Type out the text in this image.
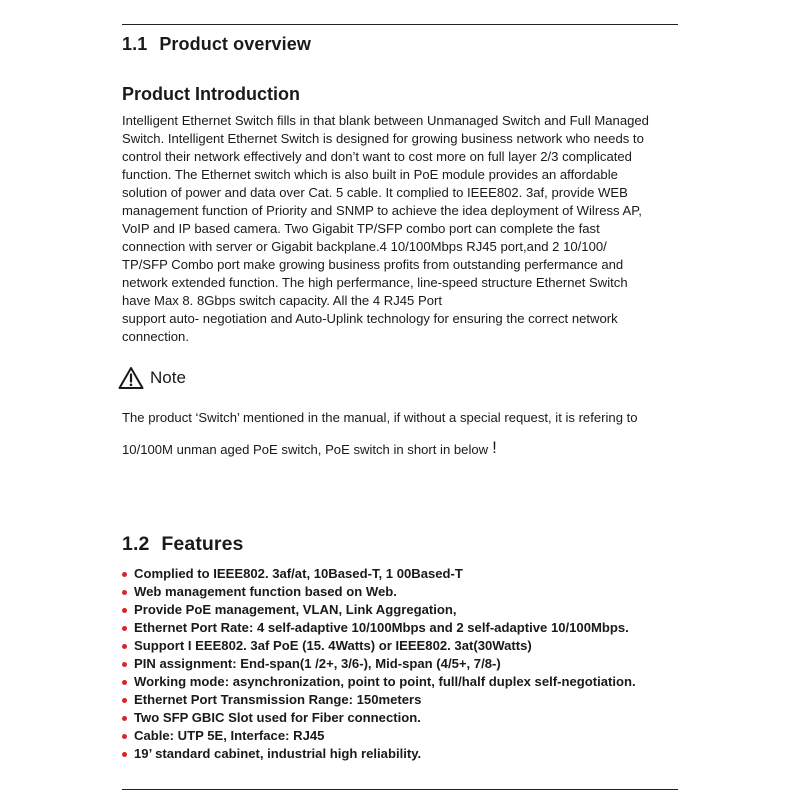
1.1 Product overview
Product Introduction
Intelligent Ethernet Switch fills in that blank between Unmanaged Switch and Full Managed
Switch. Intelligent Ethernet Switch is designed for growing business network who needs to
control their network effectively and don’t want to cost more on full layer 2/3 complicated
function. The Ethernet switch which is also built in PoE module provides an affordable
solution of power and data over Cat. 5 cable. It complied to IEEE802. 3af, provide WEB
management function of Priority and SNMP to achieve the idea deployment of Wilress AP,
VoIP and IP based camera. Two Gigabit TP/SFP combo port can complete the fast
connection with server or Gigabit backplane.4 10/100Mbps RJ45 port,and 2 10/100/
TP/SFP Combo port make growing business profits from outstanding perfermance and
network extended function. The high perfermance, line-speed structure Ethernet Switch
have Max 8. 8Gbps switch capacity. All the 4 RJ45 Port
support auto- negotiation and Auto-Uplink technology for ensuring the correct network
connection.
Note
The product ‘Switch’ mentioned in the manual, if without a special request, it is refering to
10/100M unman aged PoE switch, PoE switch in short in below !
1.2 Features
Complied to IEEE802. 3af/at, 10Based-T, 1 00Based-T
Web management function based on Web.
Provide PoE management, VLAN, Link Aggregation,
Ethernet Port Rate: 4 self-adaptive 10/100Mbps and 2 self-adaptive 10/100Mbps.
Support I EEE802. 3af PoE (15. 4Watts) or IEEE802. 3at(30Watts)
PIN assignment: End-span(1 /2+, 3/6-), Mid-span (4/5+, 7/8-)
Working mode: asynchronization, point to point, full/half duplex self-negotiation.
Ethernet Port Transmission Range: 150meters
Two SFP GBIC Slot used for Fiber connection.
Cable: UTP 5E, Interface: RJ45
19’ standard cabinet, industrial high reliability.
